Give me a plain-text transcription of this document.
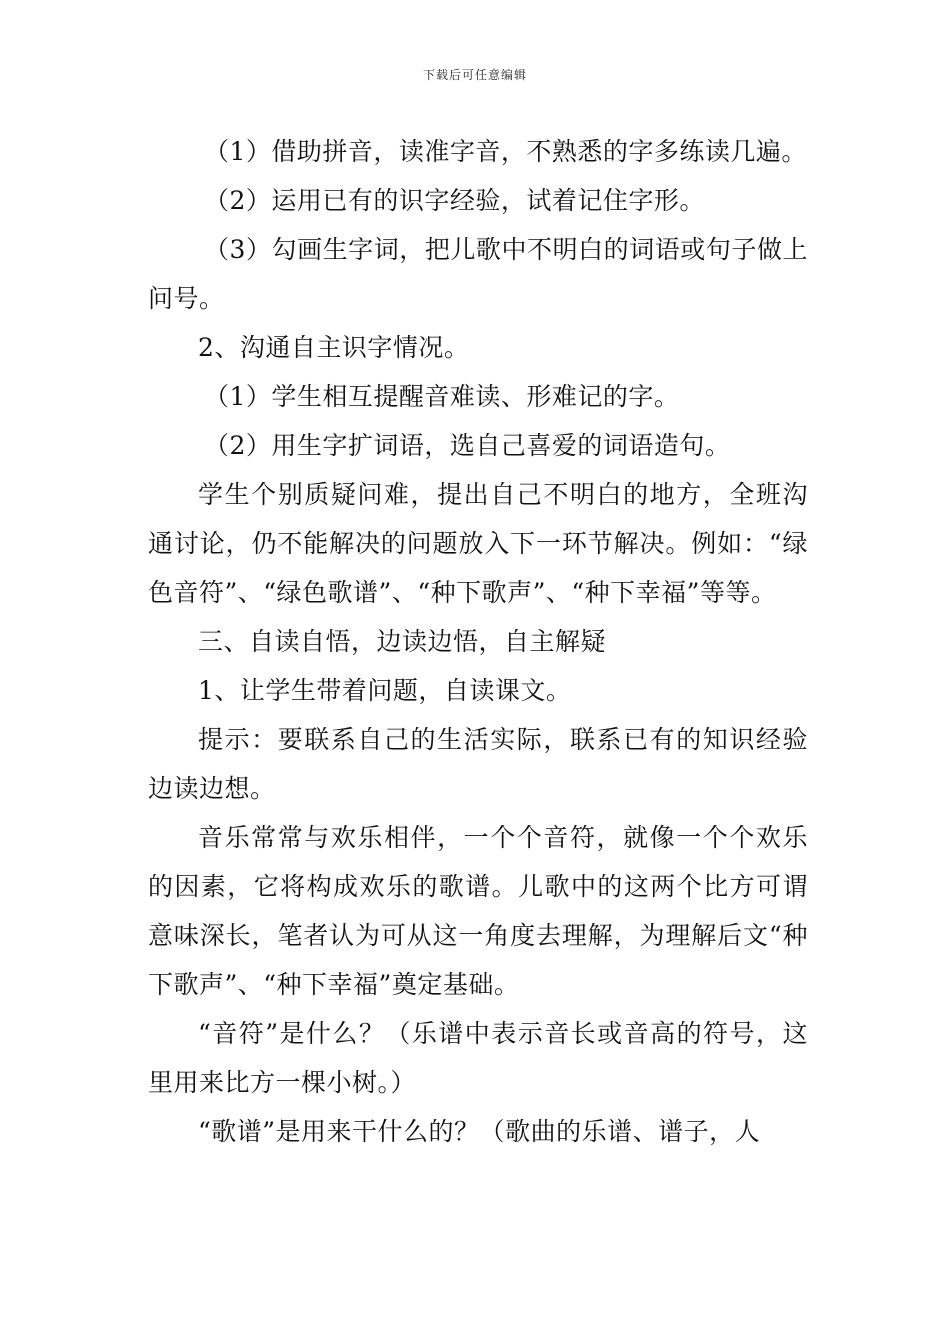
下载后可任意编辑

（1）借助拼音，读准字音，不熟悉的字多练读几遍。

（2）运用已有的识字经验，试着记住字形。

（3）勾画生字词，把儿歌中不明白的词语或句子做上问号。

2、沟通自主识字情况。

（1）学生相互提醒音难读、形难记的字。

（2）用生字扩词语，选自己喜爱的词语造句。

学生个别质疑问难，提出自己不明白的地方，全班沟通讨论，仍不能解决的问题放入下一环节解决。例如：“绿色音符”、“绿色歌谱”、“种下歌声”、“种下幸福”等等。

三、自读自悟，边读边悟，自主解疑

1、让学生带着问题，自读课文。

提示：要联系自己的生活实际，联系已有的知识经验边读边想。

音乐常常与欢乐相伴，一个个音符，就像一个个欢乐的因素，它将构成欢乐的歌谱。儿歌中的这两个比方可谓意味深长，笔者认为可从这一角度去理解，为理解后文“种下歌声”、“种下幸福”奠定基础。

“音符”是什么？（乐谱中表示音长或音高的符号，这里用来比方一棵小树。）

“歌谱”是用来干什么的？（歌曲的乐谱、谱子，人
